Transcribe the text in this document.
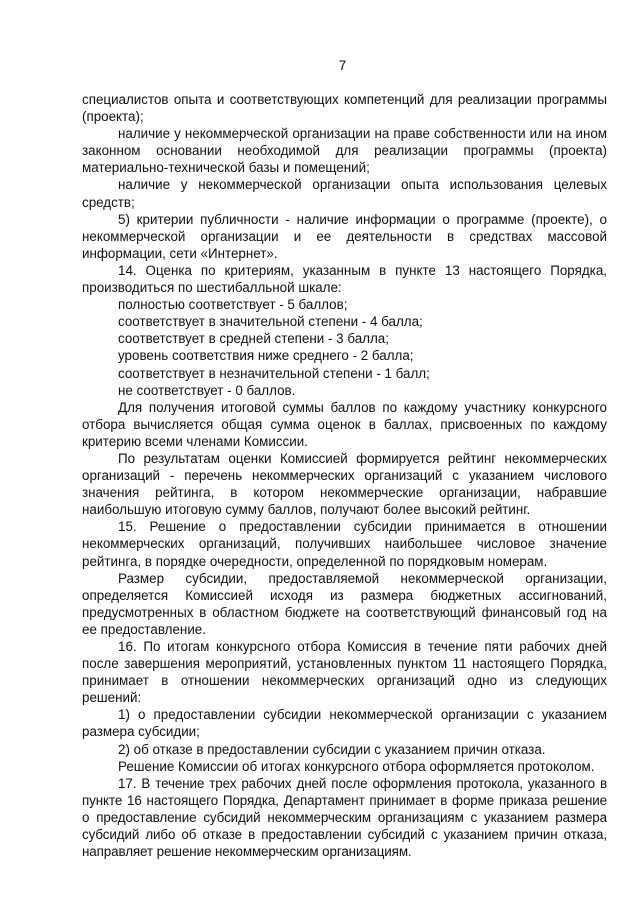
7

специалистов опыта и соответствующих компетенций для реализации программы (проекта);

наличие у некоммерческой организации на праве собственности или на ином законном основании необходимой для реализации программы (проекта) материально-технической базы и помещений;

наличие у некоммерческой организации опыта использования целевых средств;

5) критерии публичности - наличие информации о программе (проекте), о некоммерческой организации и ее деятельности в средствах массовой информации, сети «Интернет».

14. Оценка по критериям, указанным в пункте 13 настоящего Порядка, производиться по шестибалльной шкале:

полностью соответствует - 5 баллов;

соответствует в значительной степени - 4 балла;

соответствует в средней степени - 3 балла;

уровень соответствия ниже среднего - 2 балла;

соответствует в незначительной степени - 1 балл;

не соответствует - 0 баллов.

Для получения итоговой суммы баллов по каждому участнику конкурсного отбора вычисляется общая сумма оценок в баллах, присвоенных по каждому критерию всеми членами Комиссии.

По результатам оценки Комиссией формируется рейтинг некоммерческих организаций - перечень некоммерческих организаций с указанием числового значения рейтинга, в котором некоммерческие организации, набравшие наибольшую итоговую сумму баллов, получают более высокий рейтинг.

15. Решение о предоставлении субсидии принимается в отношении некоммерческих организаций, получивших наибольшее числовое значение рейтинга, в порядке очередности, определенной по порядковым номерам.

Размер субсидии, предоставляемой некоммерческой организации, определяется Комиссией исходя из размера бюджетных ассигнований, предусмотренных в областном бюджете на соответствующий финансовый год на ее предоставление.

16. По итогам конкурсного отбора Комиссия в течение пяти рабочих дней после завершения мероприятий, установленных пунктом 11 настоящего Порядка, принимает в отношении некоммерческих организаций одно из следующих решений:

1) о предоставлении субсидии некоммерческой организации с указанием размера субсидии;

2) об отказе в предоставлении субсидии с указанием причин отказа.

Решение Комиссии об итогах конкурсного отбора оформляется протоколом.

17. В течение трех рабочих дней после оформления протокола, указанного в пункте 16 настоящего Порядка, Департамент принимает в форме приказа решение о предоставление субсидий некоммерческим организациям с указанием размера субсидий либо об отказе в предоставлении субсидий с указанием причин отказа, направляет решение некоммерческим организациям.
